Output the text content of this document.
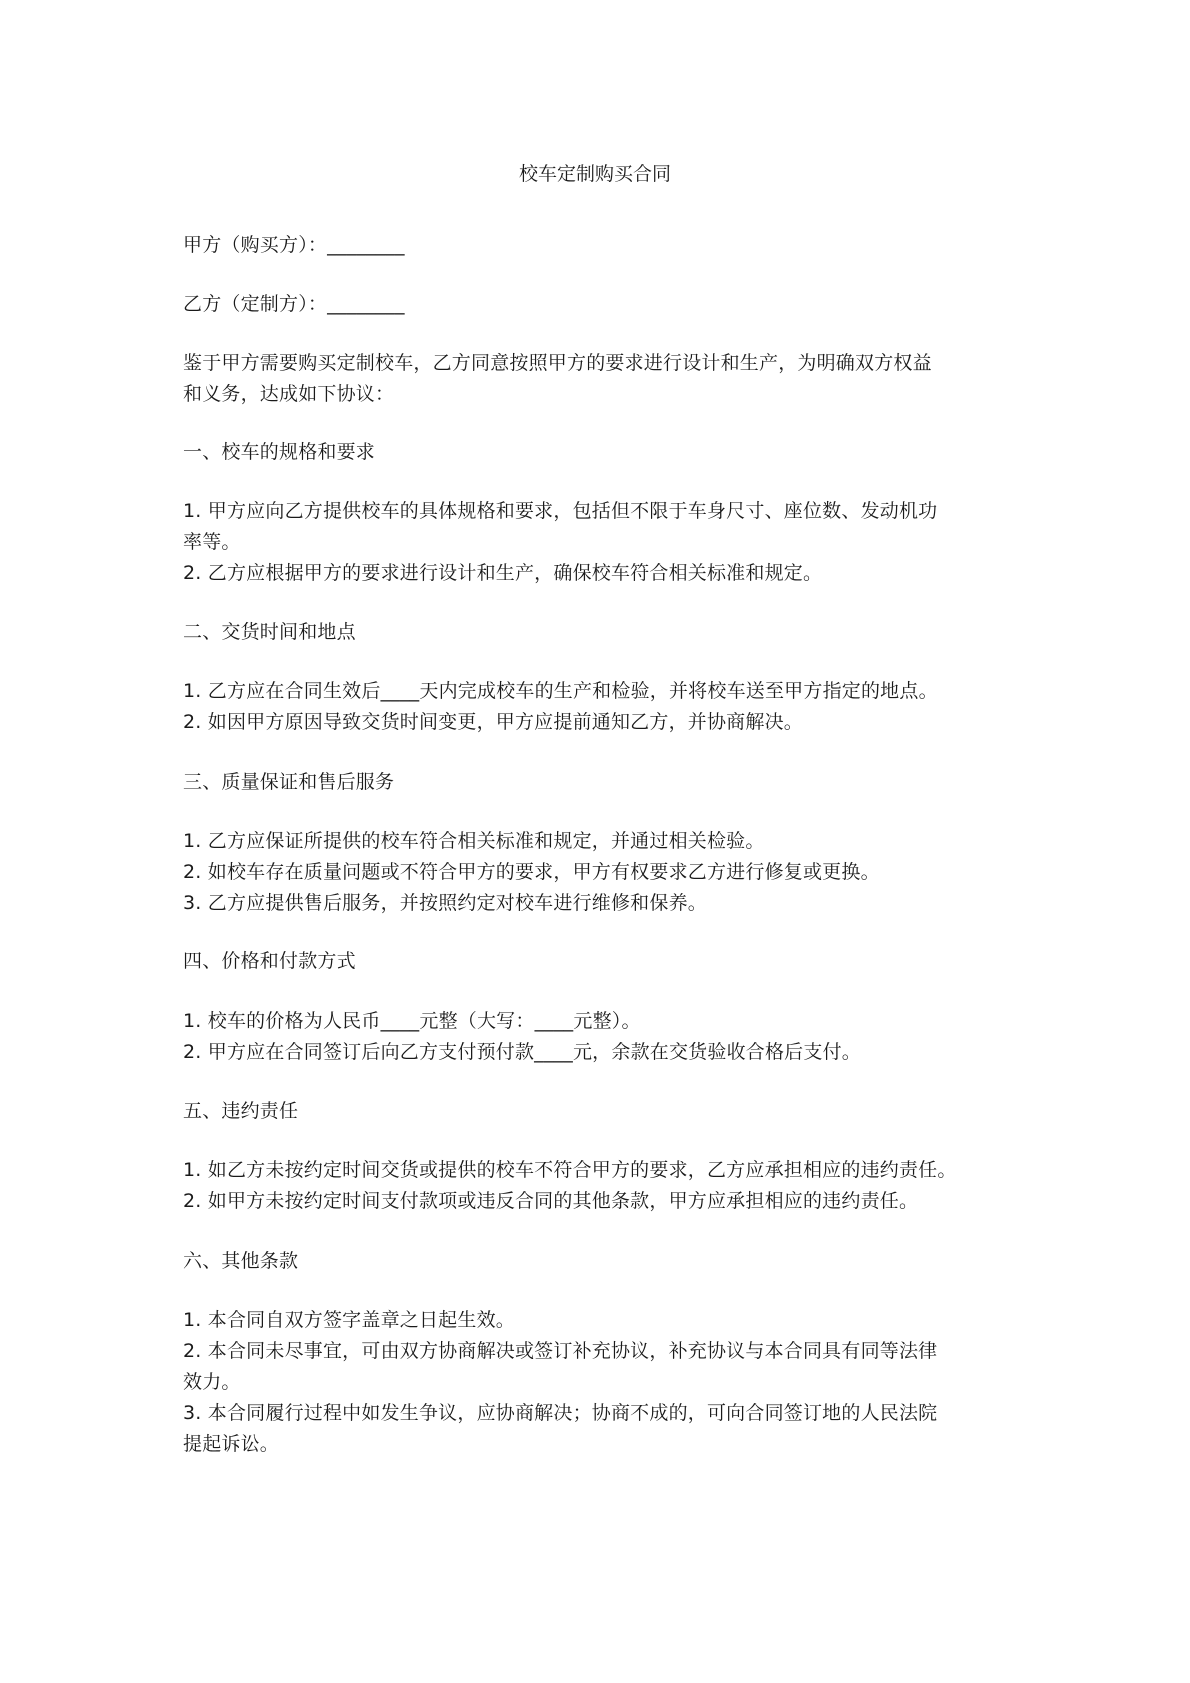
校车定制购买合同
甲方（购买方）：________
乙方（定制方）：________
鉴于甲方需要购买定制校车，乙方同意按照甲方的要求进行设计和生产，为明确双方权益
和义务，达成如下协议：
一、校车的规格和要求
1. 甲方应向乙方提供校车的具体规格和要求，包括但不限于车身尺寸、座位数、发动机功
率等。
2. 乙方应根据甲方的要求进行设计和生产，确保校车符合相关标准和规定。
二、交货时间和地点
1. 乙方应在合同生效后____天内完成校车的生产和检验，并将校车送至甲方指定的地点。
2. 如因甲方原因导致交货时间变更，甲方应提前通知乙方，并协商解决。
三、质量保证和售后服务
1. 乙方应保证所提供的校车符合相关标准和规定，并通过相关检验。
2. 如校车存在质量问题或不符合甲方的要求，甲方有权要求乙方进行修复或更换。
3. 乙方应提供售后服务，并按照约定对校车进行维修和保养。
四、价格和付款方式
1. 校车的价格为人民币____元整（大写：____元整）。
2. 甲方应在合同签订后向乙方支付预付款____元，余款在交货验收合格后支付。
五、违约责任
1. 如乙方未按约定时间交货或提供的校车不符合甲方的要求，乙方应承担相应的违约责任。
2. 如甲方未按约定时间支付款项或违反合同的其他条款，甲方应承担相应的违约责任。
六、其他条款
1. 本合同自双方签字盖章之日起生效。
2. 本合同未尽事宜，可由双方协商解决或签订补充协议，补充协议与本合同具有同等法律
效力。
3. 本合同履行过程中如发生争议，应协商解决；协商不成的，可向合同签订地的人民法院
提起诉讼。
